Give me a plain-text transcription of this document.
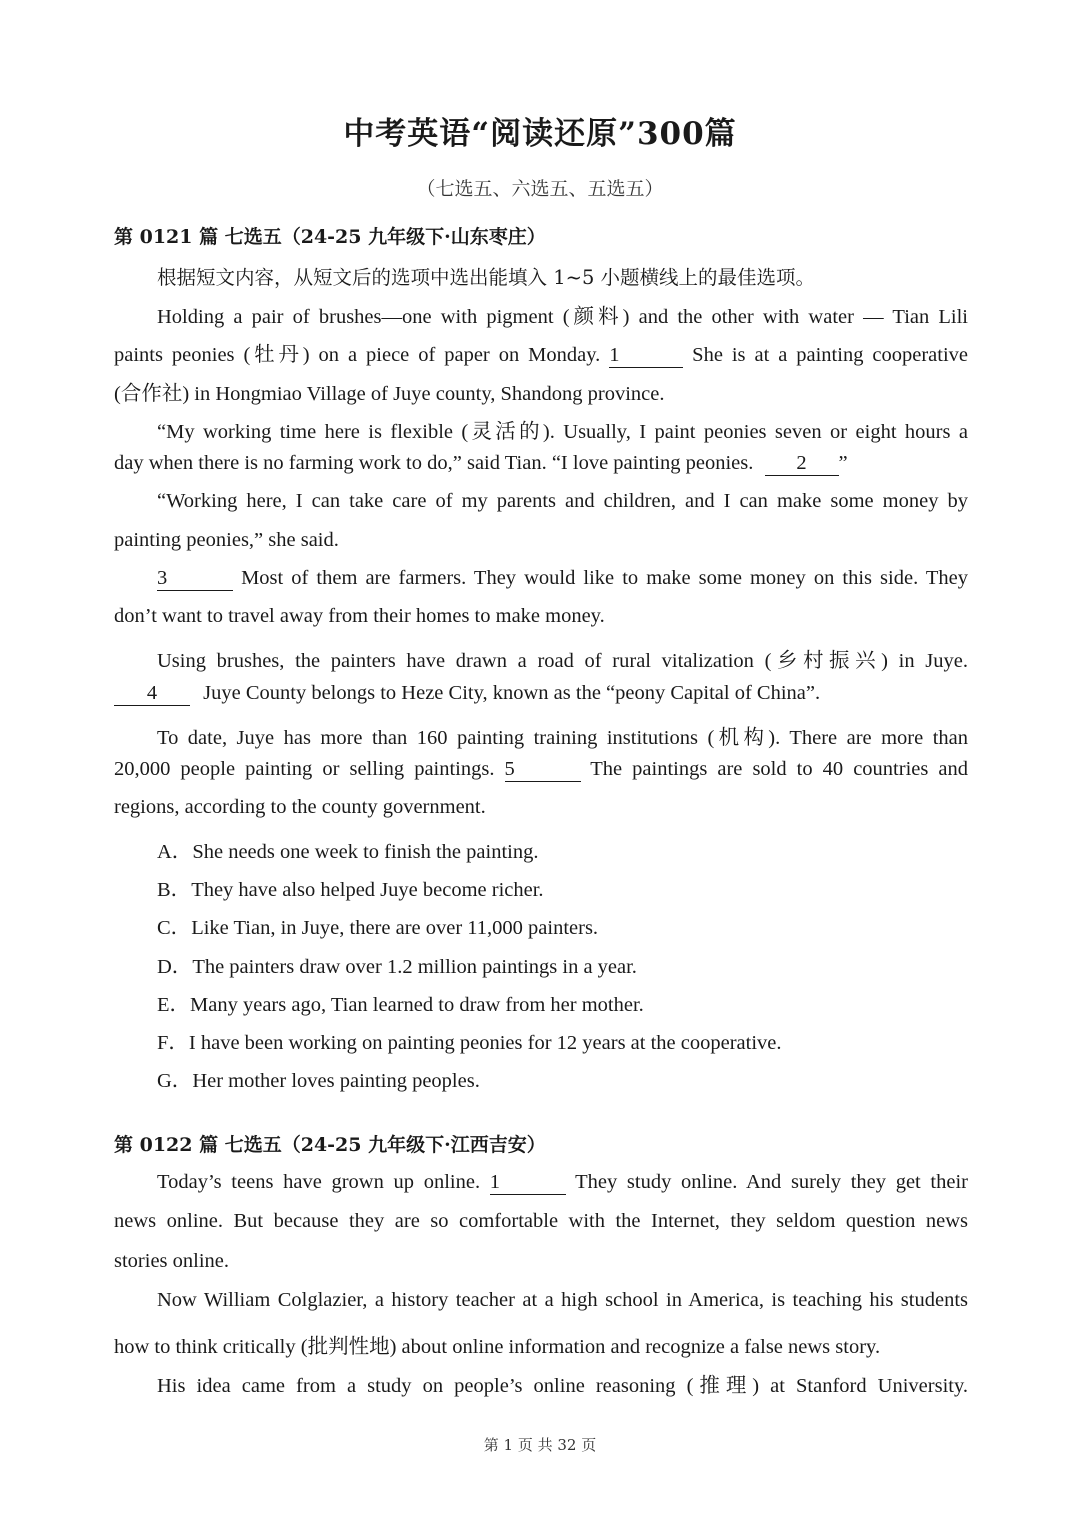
中考英语“阅读还原”300篇
（七选五、六选五、五选五）
第 0121 篇 七选五（24-25 九年级下·山东枣庄）
根据短文内容，从短文后的选项中选出能填入 1~5 小题横线上的最佳选项。
Holding a pair of brushes—one with pigment (颜料) and the other with water — Tian Lili
paints peonies (牡丹) on a piece of paper on Monday. 1	She is at a painting cooperative
(合作社) in Hongmiao Village of Juye county, Shandong province.
“My working time here is flexible (灵活的). Usually, I paint peonies seven or eight hours a
day when there is no farming work to do,” said Tian. “I love painting peonies. 2 ”
“Working here, I can take care of my parents and children, and I can make some money by
painting peonies,” she said.
3	Most of them are farmers. They would like to make some money on this side. They
don’t want to travel away from their homes to make money.
Using brushes, the painters have drawn a road of rural vitalization (乡村振兴) in Juye.
4 Juye County belongs to Heze City, known as the “peony Capital of China”.
To date, Juye has more than 160 painting training institutions (机构). There are more than
20,000 people painting or selling paintings. 5	The paintings are sold to 40 countries and
regions, according to the county government.
A．She needs one week to finish the painting.
B．They have also helped Juye become richer.
C．Like Tian, in Juye, there are over 11,000 painters.
D．The painters draw over 1.2 million paintings in a year.
E．Many years ago, Tian learned to draw from her mother.
F．I have been working on painting peonies for 12 years at the cooperative.
G．Her mother loves painting peoples.
第 0122 篇 七选五（24-25 九年级下·江西吉安）
Today’s teens have grown up online. 1	They study online. And surely they get their
news online. But because they are so comfortable with the Internet, they seldom question news
stories online.
Now William Colglazier, a history teacher at a high school in America, is teaching his students
how to think critically (批判性地) about online information and recognize a false news story.
His idea came from a study on people’s online reasoning (推理) at Stanford University.
第 1 页 共 32 页
